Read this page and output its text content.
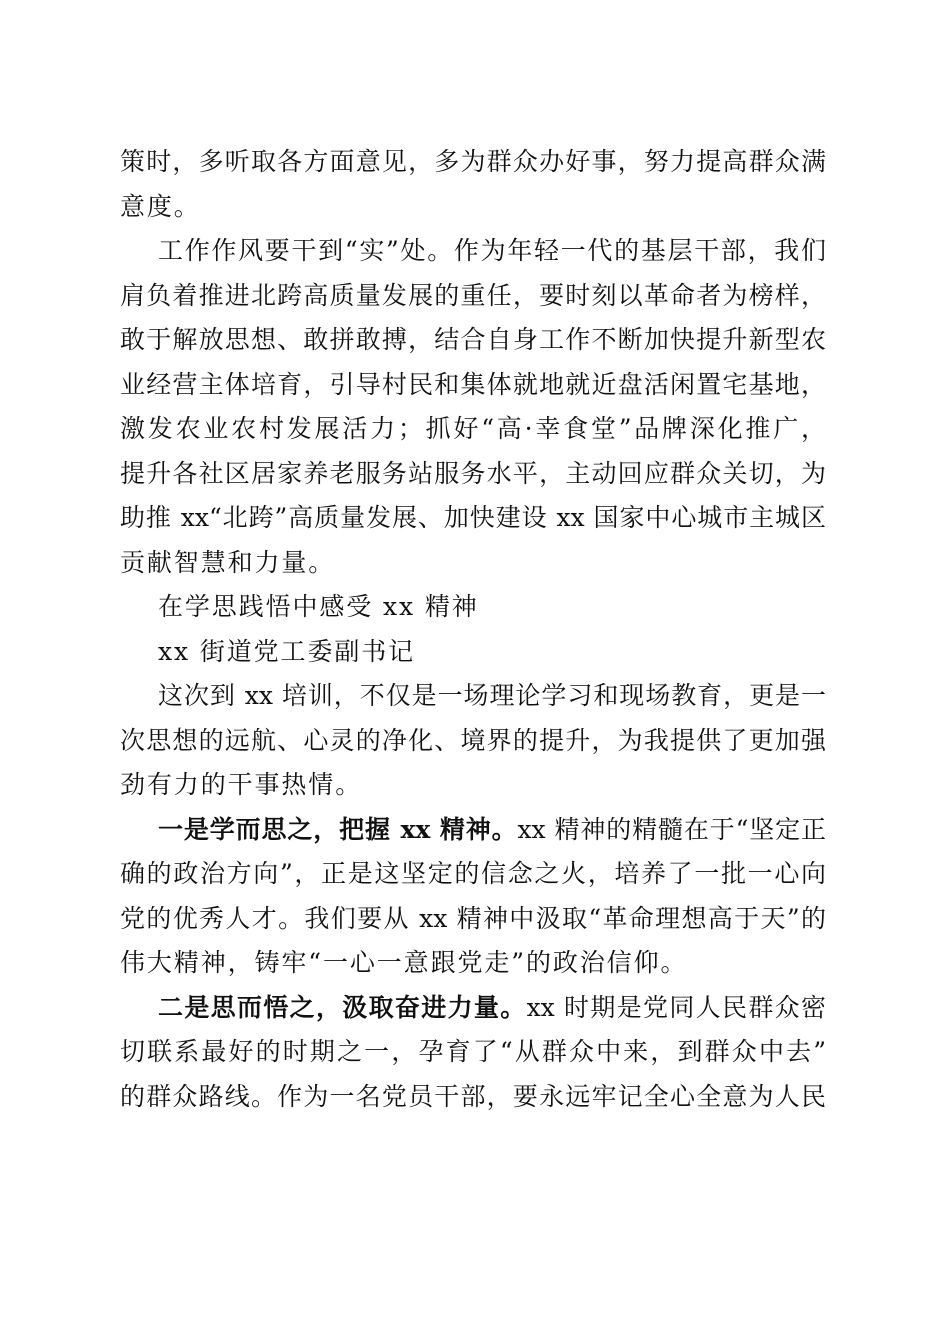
策时，多听取各方面意见，多为群众办好事，努力提高群众满
意度。
工作作风要干到“实”处。作为年轻一代的基层干部，我们
肩负着推进北跨高质量发展的重任，要时刻以革命者为榜样，
敢于解放思想、敢拼敢搏，结合自身工作不断加快提升新型农
业经营主体培育，引导村民和集体就地就近盘活闲置宅基地，
激发农业农村发展活力；抓好“高·幸食堂”品牌深化推广，
提升各社区居家养老服务站服务水平，主动回应群众关切，为
助推 xx“北跨”高质量发展、加快建设 xx 国家中心城市主城区
贡献智慧和力量。
在学思践悟中感受 xx 精神
xx 街道党工委副书记
这次到 xx 培训，不仅是一场理论学习和现场教育，更是一
次思想的远航、心灵的净化、境界的提升，为我提供了更加强
劲有力的干事热情。
一是学而思之，把握 xx 精神。xx 精神的精髓在于“坚定正
确的政治方向”，正是这坚定的信念之火，培养了一批一心向
党的优秀人才。我们要从 xx 精神中汲取“革命理想高于天”的
伟大精神，铸牢“一心一意跟党走”的政治信仰。
二是思而悟之，汲取奋进力量。xx 时期是党同人民群众密
切联系最好的时期之一，孕育了“从群众中来，到群众中去”
的群众路线。作为一名党员干部，要永远牢记全心全意为人民
